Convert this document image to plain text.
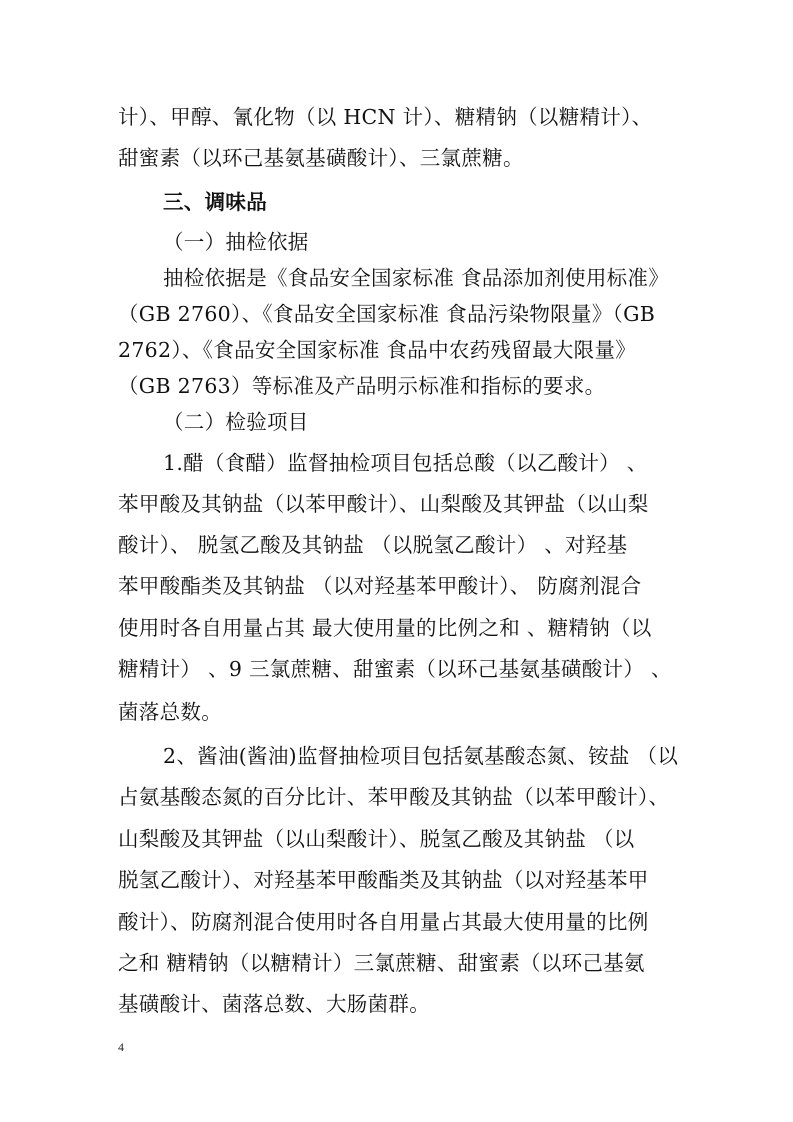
计）、甲醇、氰化物（以 HCN 计）、糖精钠（以糖精计）、
甜蜜素（以环己基氨基磺酸计）、三氯蔗糖。
三、调味品
（一）抽检依据
抽检依据是《食品安全国家标准 食品添加剂使用标准》
（GB 2760）、《食品安全国家标准 食品污染物限量》（GB
2762）、《食品安全国家标准 食品中农药残留最大限量》
（GB 2763）等标准及产品明示标准和指标的要求。
（二）检验项目
1.醋（食醋）监督抽检项目包括总酸（以乙酸计） 、
苯甲酸及其钠盐（以苯甲酸计）、山梨酸及其钾盐（以山梨
酸计）、 脱氢乙酸及其钠盐 （以脱氢乙酸计） 、对羟基
苯甲酸酯类及其钠盐 （以对羟基苯甲酸计）、 防腐剂混合
使用时各自用量占其 最大使用量的比例之和 、糖精钠（以
糖精计） 、9 三氯蔗糖、甜蜜素（以环己基氨基磺酸计） 、
菌落总数。
2、酱油(酱油)监督抽检项目包括氨基酸态氮、铵盐 （以
占氨基酸态氮的百分比计、苯甲酸及其钠盐（以苯甲酸计）、
山梨酸及其钾盐（以山梨酸计）、脱氢乙酸及其钠盐 （以
脱氢乙酸计）、对羟基苯甲酸酯类及其钠盐（以对羟基苯甲
酸计）、防腐剂混合使用时各自用量占其最大使用量的比例
之和 糖精钠（以糖精计）三氯蔗糖、甜蜜素（以环己基氨
基磺酸计、菌落总数、大肠菌群。
4
